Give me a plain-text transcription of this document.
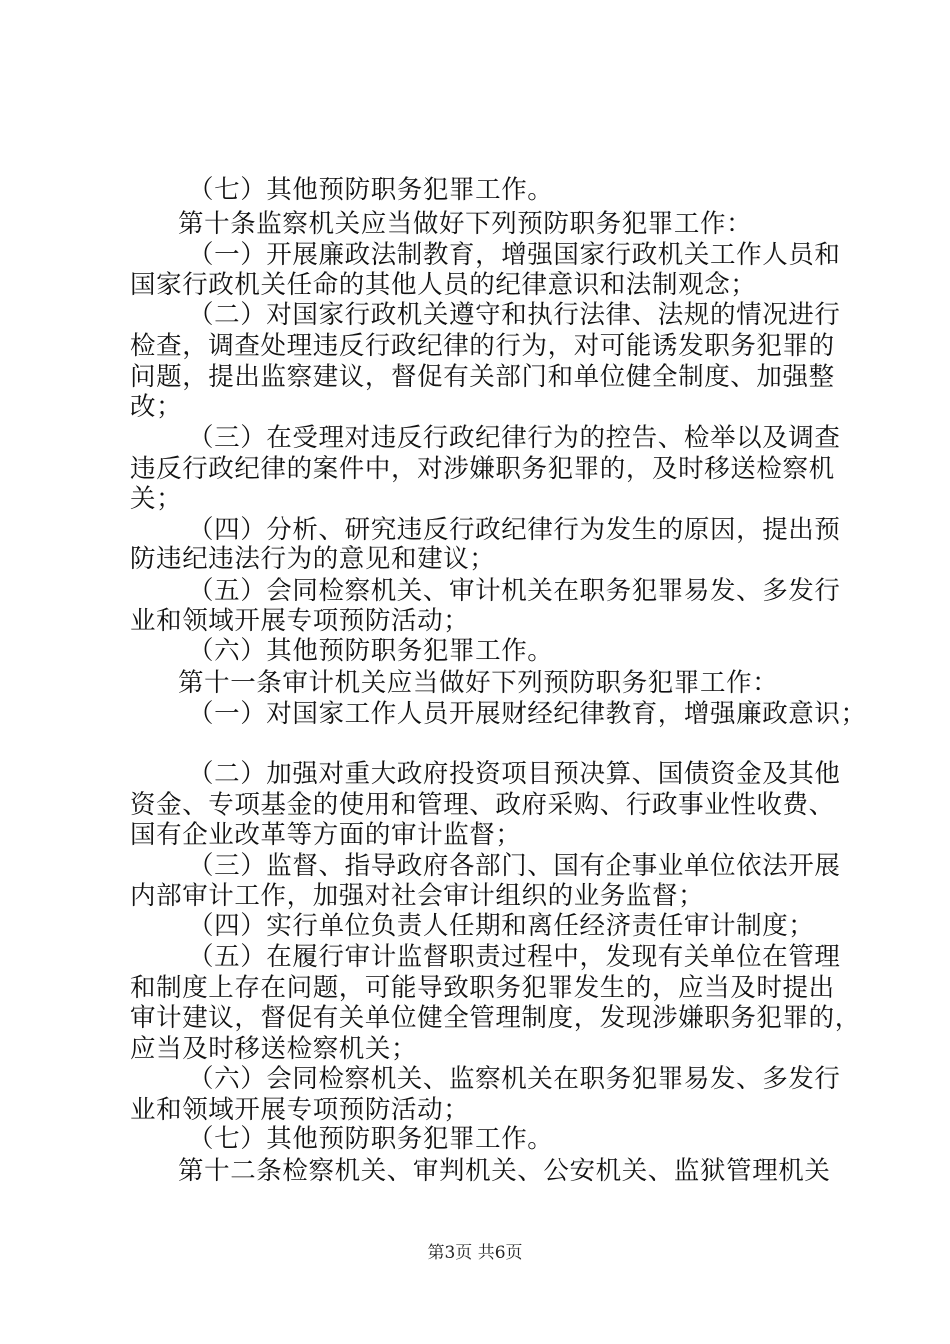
（七）其他预防职务犯罪工作。
第十条监察机关应当做好下列预防职务犯罪工作：
（一）开展廉政法制教育，增强国家行政机关工作人员和
国家行政机关任命的其他人员的纪律意识和法制观念；
（二）对国家行政机关遵守和执行法律、法规的情况进行
检查，调查处理违反行政纪律的行为，对可能诱发职务犯罪的
问题，提出监察建议，督促有关部门和单位健全制度、加强整
改；
（三）在受理对违反行政纪律行为的控告、检举以及调查
违反行政纪律的案件中，对涉嫌职务犯罪的，及时移送检察机
关；
（四）分析、研究违反行政纪律行为发生的原因，提出预
防违纪违法行为的意见和建议；
（五）会同检察机关、审计机关在职务犯罪易发、多发行
业和领域开展专项预防活动；
（六）其他预防职务犯罪工作。
第十一条审计机关应当做好下列预防职务犯罪工作：
（一）对国家工作人员开展财经纪律教育，增强廉政意识；
（二）加强对重大政府投资项目预决算、国债资金及其他
资金、专项基金的使用和管理、政府采购、行政事业性收费、
国有企业改革等方面的审计监督；
（三）监督、指导政府各部门、国有企事业单位依法开展
内部审计工作，加强对社会审计组织的业务监督；
（四）实行单位负责人任期和离任经济责任审计制度；
（五）在履行审计监督职责过程中，发现有关单位在管理
和制度上存在问题，可能导致职务犯罪发生的，应当及时提出
审计建议，督促有关单位健全管理制度，发现涉嫌职务犯罪的，
应当及时移送检察机关；
（六）会同检察机关、监察机关在职务犯罪易发、多发行
业和领域开展专项预防活动；
（七）其他预防职务犯罪工作。
第十二条检察机关、审判机关、公安机关、监狱管理机关
第3页 共6页
